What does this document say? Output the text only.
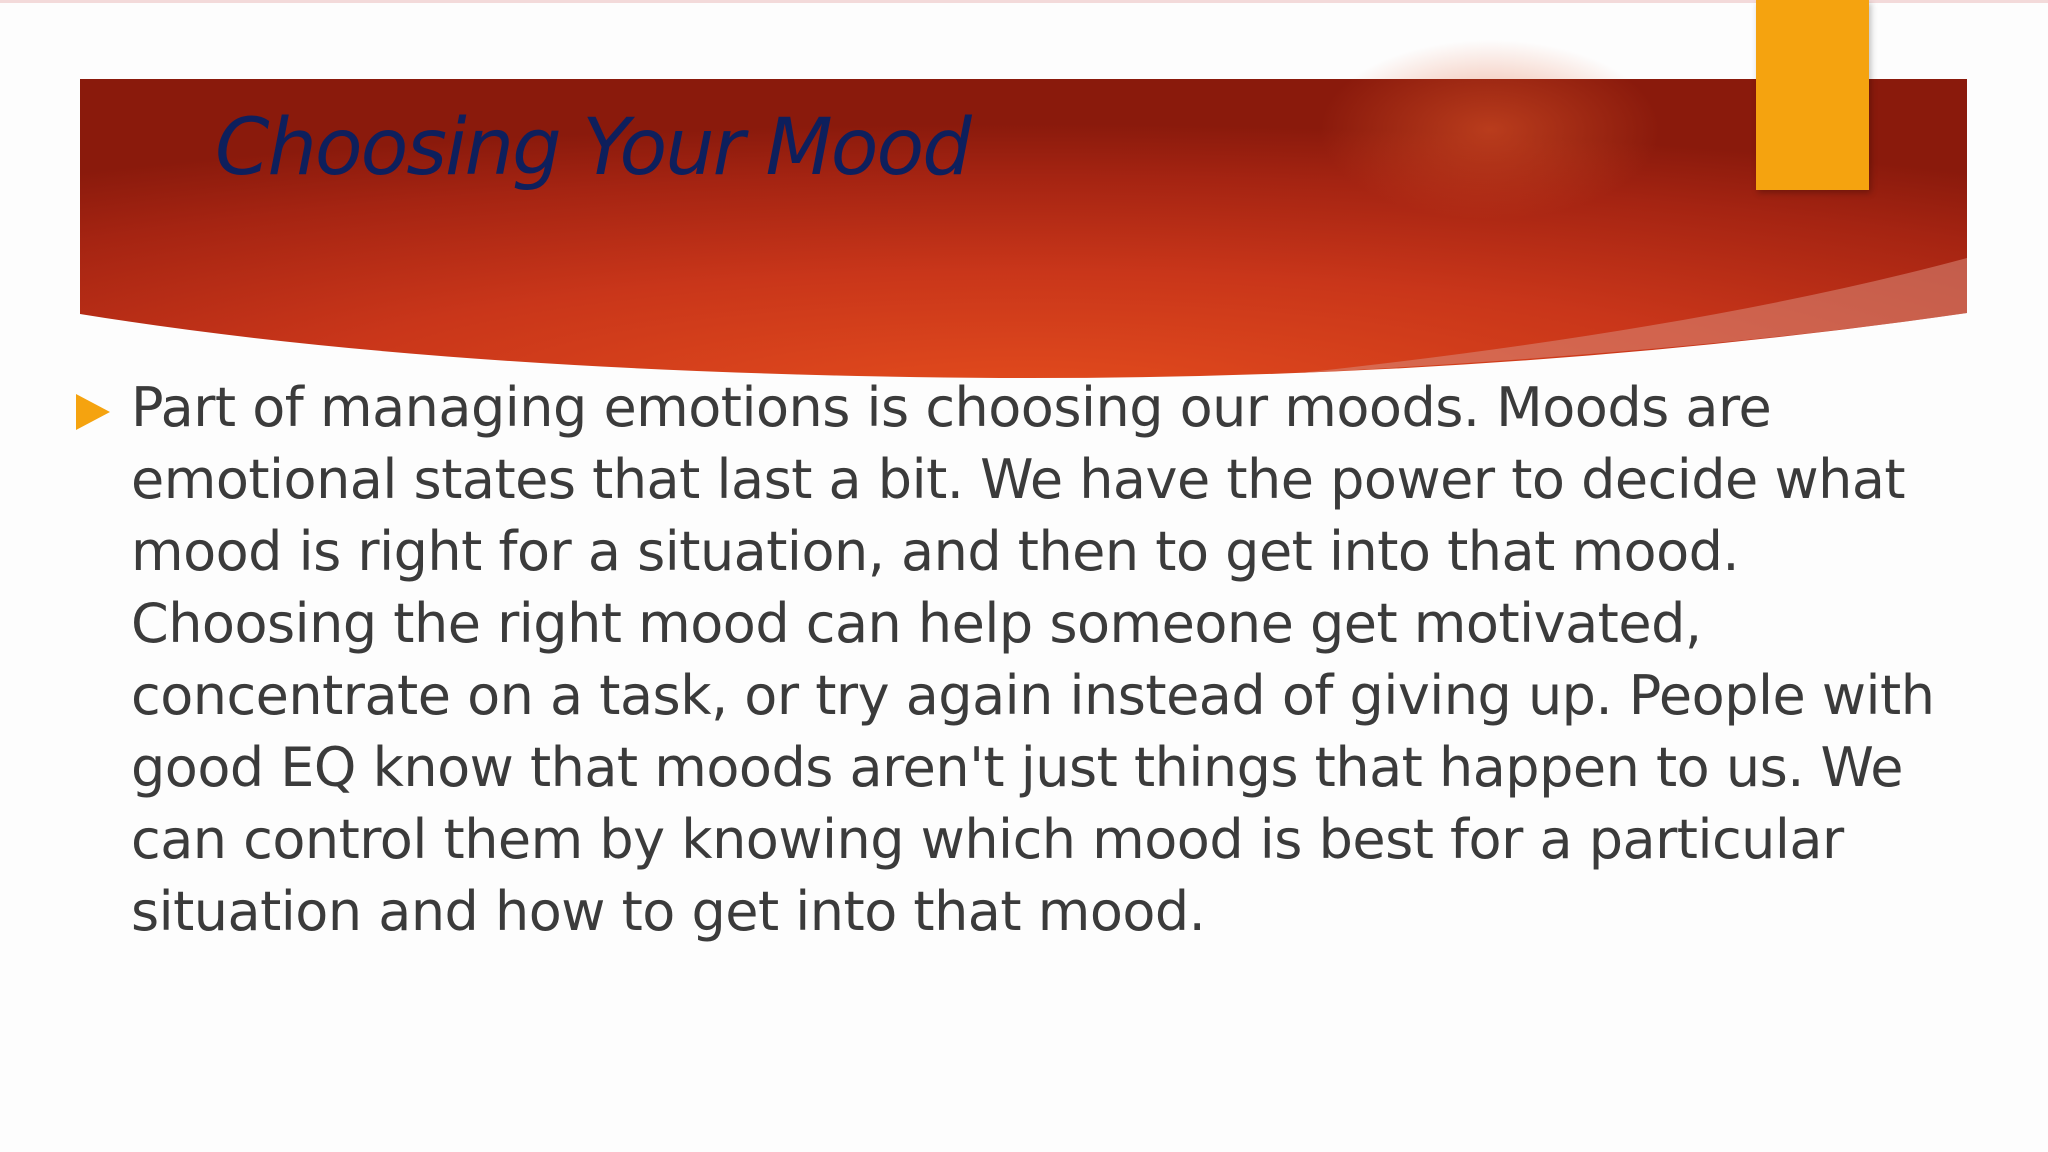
Choosing Your Mood

Part of managing emotions is choosing our moods. Moods are
emotional states that last a bit. We have the power to decide what
mood is right for a situation, and then to get into that mood.
Choosing the right mood can help someone get motivated,
concentrate on a task, or try again instead of giving up. People with
good EQ know that moods aren't just things that happen to us. We
can control them by knowing which mood is best for a particular
situation and how to get into that mood.
